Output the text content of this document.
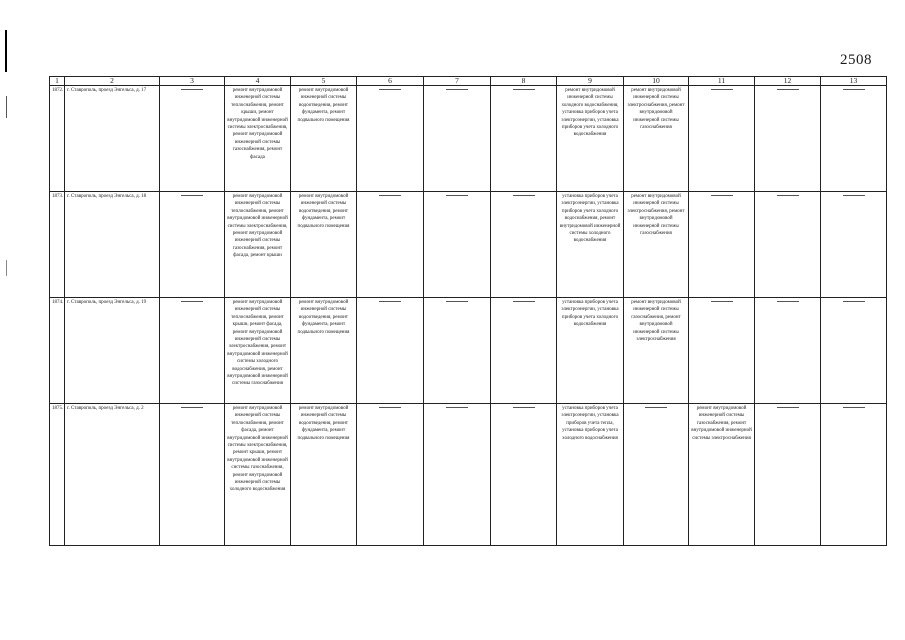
2508
1	2	3	4	5	6	7	8	9	10	11	12	13
1872.	г. Ставрополь, проезд Энгельса, д. 17		ремонт внутридомовой инженерной системы теплоснабжения, ремонт крыши, ремонт внутридомовой инженерной системы электроснабжения, ремонт внутридомовой инженерной системы газоснабжения, ремонт фасада	ремонт внутридомовой инженерной системы водоотведения, ремонт фундамента, ремонт подвального помещения				ремонт внутридомовой инженерной системы холодного водоснабжения, установка приборов учета электроэнергии, установка приборов учета холодного водоснабжения	ремонт внутридомовой инженерной системы электроснабжения, ремонт внутридомовой инженерной системы газоснабжения	

1873.	г. Ставрополь, проезд Энгельса, д. 18		ремонт внутридомовой инженерной системы теплоснабжения, ремонт внутридомовой инженерной системы электроснабжения, ремонт внутридомовой инженерной системы газоснабжения, ремонт фасада, ремонт крыши	ремонт внутридомовой инженерной системы водоотведения, ремонт фундамента, ремонт подвального помещения				установка приборов учета электроэнергии, установка приборов учета холодного водоснабжения, ремонт внутридомовой инженерной системы холодного водоснабжения	ремонт внутридомовой инженерной системы электроснабжения, ремонт внутридомовой инженерной системы газоснабжения	

1874.	г. Ставрополь, проезд Энгельса, д. 19		ремонт внутридомовой инженерной системы теплоснабжения, ремонт крыши, ремонт фасада, ремонт внутридомовой инженерной системы электроснабжения, ремонт внутридомовой инженерной системы холодного водоснабжения, ремонт внутридомовой инженерной системы газоснабжения	ремонт внутридомовой инженерной системы водоотведения, ремонт фундамента, ремонт подвального помещения				установка приборов учета электроэнергии, установка приборов учета холодного водоснабжения	ремонт внутридомовой инженерной системы газоснабжения, ремонт внутридомовой инженерной системы электроснабжения	

1875.	г. Ставрополь, проезд Энгельса, д. 2		ремонт внутридомовой инженерной системы теплоснабжения, ремонт фасада, ремонт внутридомовой инженерной системы электроснабжения, ремонт крыши, ремонт внутридомовой инженерной системы газоснабжения, ремонт внутридомовой инженерной системы холодного водоснабжения	ремонт внутридомовой инженерной системы водоотведения, ремонт фундамента, ремонт подвального помещения				установка приборов учета электроэнергии, установка приборов учета тепла, установка приборов учета холодного водоснабжения		ремонт внутридомовой инженерной системы газоснабжения, ремонт внутридомовой инженерной системы электроснабжения	
